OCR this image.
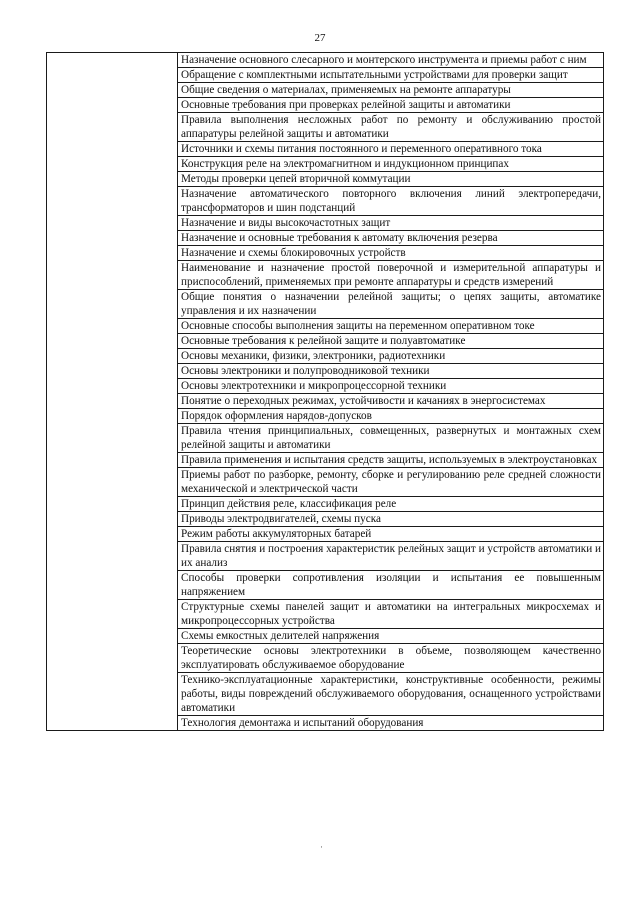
27
	Назначение основного слесарного и монтерского инструмента и приемы работ с ним
Обращение с комплектными испытательными устройствами для проверки защит
Общие сведения о материалах, применяемых на ремонте аппаратуры
Основные требования при проверках релейной защиты и автоматики
Правила выполнения несложных работ по ремонту и обслуживанию простой аппаратуры релейной защиты и автоматики
Источники и схемы питания постоянного и переменного оперативного тока
Конструкция реле на электромагнитном и индукционном принципах
Методы проверки цепей вторичной коммутации
Назначение автоматического повторного включения линий электропередачи, трансформаторов и шин подстанций
Назначение и виды высокочастотных защит
Назначение и основные требования к автомату включения резерва
Назначение и схемы блокировочных устройств
Наименование и назначение простой поверочной и измерительной аппаратуры и приспособлений, применяемых при ремонте аппаратуры и средств измерений
Общие понятия о назначении релейной защиты; о цепях защиты, автоматике управления и их назначении
Основные способы выполнения защиты на переменном оперативном токе
Основные требования к релейной защите и полуавтоматике
Основы механики, физики, электроники, радиотехники
Основы электроники и полупроводниковой техники
Основы электротехники и микропроцессорной техники
Понятие о переходных режимах, устойчивости и качаниях в энергосистемах
Порядок оформления нарядов-допусков
Правила чтения принципиальных, совмещенных, развернутых и монтажных схем релейной защиты и автоматики
Правила применения и испытания средств защиты, используемых в электроустановках
Приемы работ по разборке, ремонту, сборке и регулированию реле средней сложности механической и электрической части
Принцип действия реле, классификация реле
Приводы электродвигателей, схемы пуска
Режим работы аккумуляторных батарей
Правила снятия и построения характеристик релейных защит и устройств автоматики и их анализ
Способы проверки сопротивления изоляции и испытания ее повышенным напряжением
Структурные схемы панелей защит и автоматики на интегральных микросхемах и микропроцессорных устройства
Схемы емкостных делителей напряжения
Теоретические основы электротехники в объеме, позволяющем качественно эксплуатировать обслуживаемое оборудование
Технико-эксплуатационные характеристики, конструктивные особенности, режимы работы, виды повреждений обслуживаемого оборудования, оснащенного устройствами автоматики
Технология демонтажа и испытаний оборудования
·
